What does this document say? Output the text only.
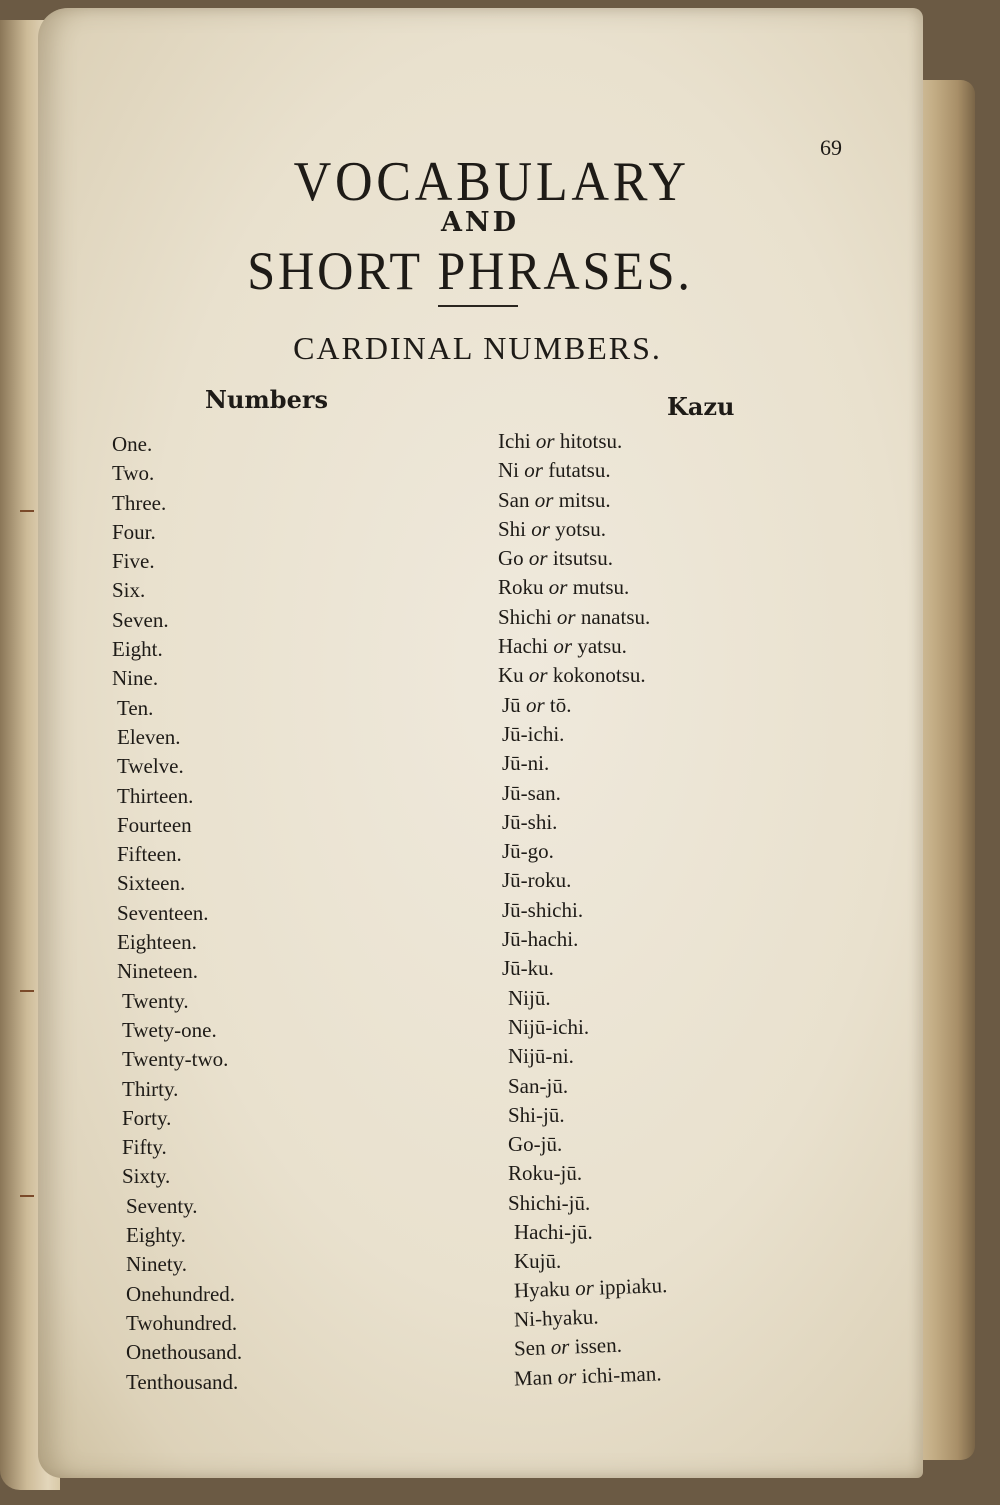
69
VOCABULARY
AND
SHORT PHRASES.
CARDINAL NUMBERS.
Numbers	Kazu
One.
Two.
Three.
Four.
Five.
Six.
Seven.
Eight.
Nine.
Ten.
Eleven.
Twelve.
Thirteen.
Fourteen
Fifteen.
Sixteen.
Seventeen.
Eighteen.
Nineteen.
Twenty.
Twety-one.
Twenty-two.
Thirty.
Forty.
Fifty.
Sixty.
Seventy.
Eighty.
Ninety.
Onehundred.
Twohundred.
Onethousand.
Tenthousand.
Ichi or hitotsu.
Ni or futatsu.
San or mitsu.
Shi or yotsu.
Go or itsutsu.
Roku or mutsu.
Shichi or nanatsu.
Hachi or yatsu.
Ku or kokonotsu.
Jū or tō.
Jū-ichi.
Jū-ni.
Jū-san.
Jū-shi.
Jū-go.
Jū-roku.
Jū-shichi.
Jū-hachi.
Jū-ku.
Nijū.
Nijū-ichi.
Nijū-ni.
San-jū.
Shi-jū.
Go-jū.
Roku-jū.
Shichi-jū.
Hachi-jū.
Kujū.
Hyaku or ippiaku.
Ni-hyaku.
Sen or issen.
Man or ichi-man.
